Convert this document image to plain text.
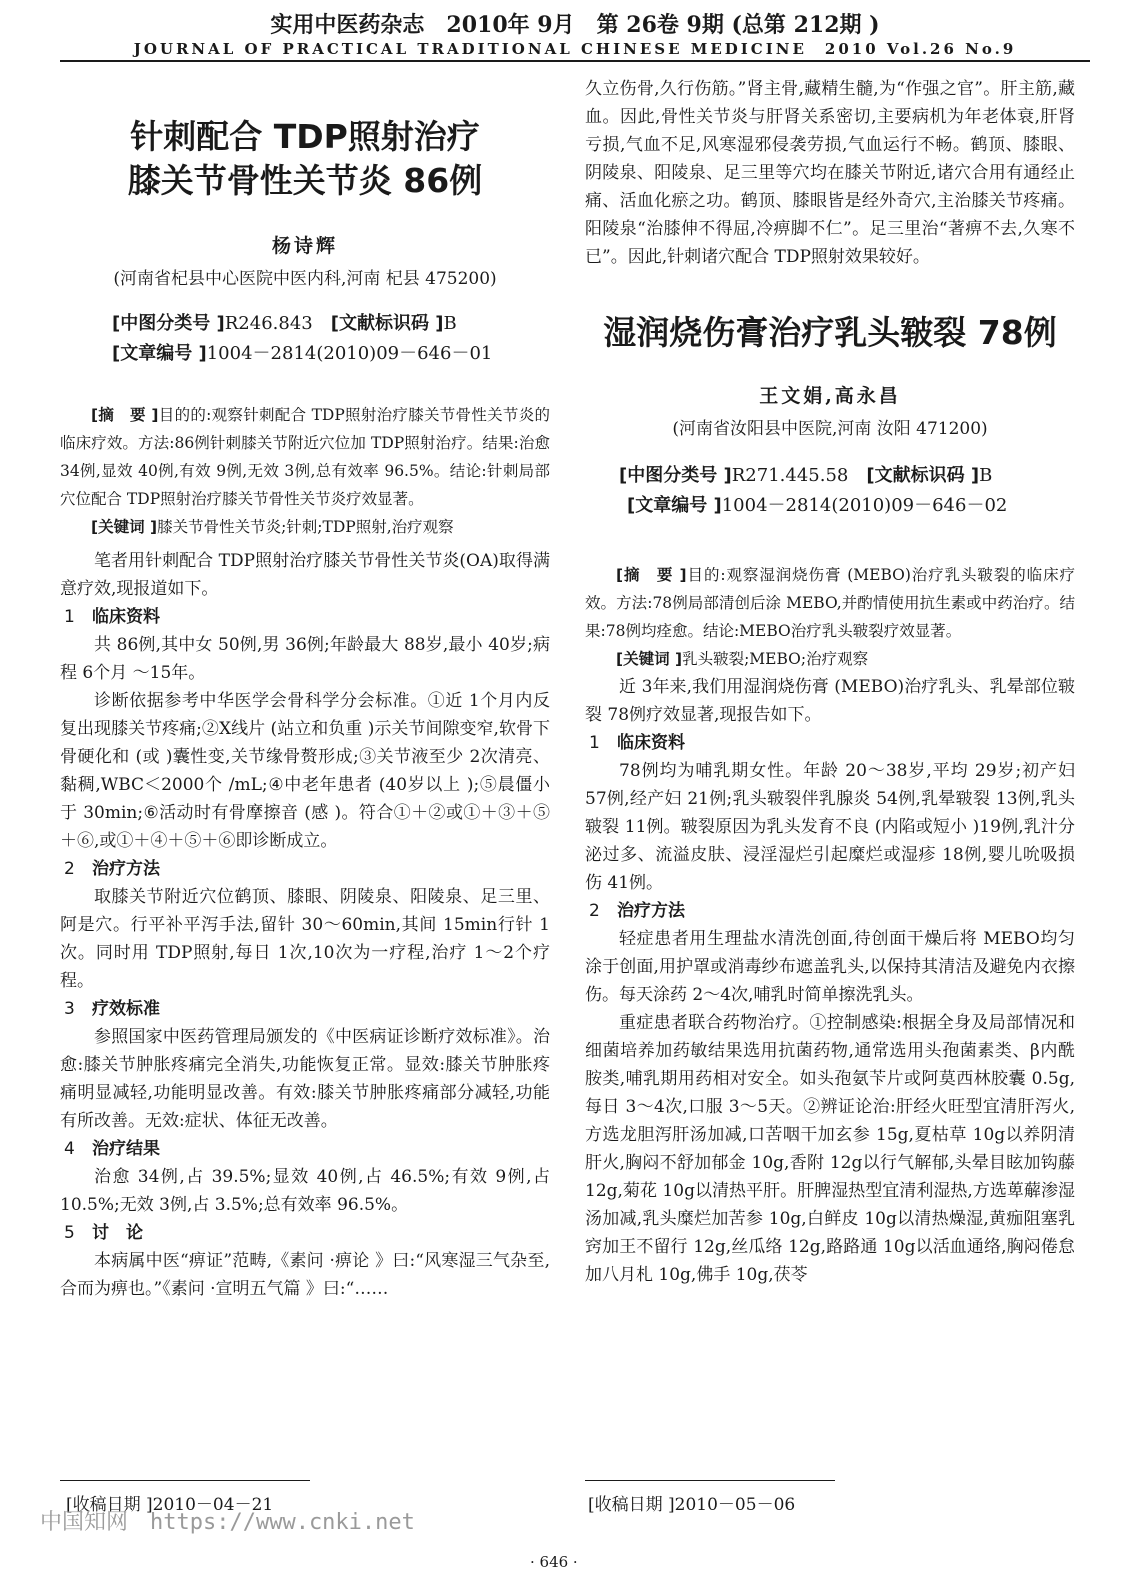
实用中医药杂志　2010年 9月　第 26卷 9期 (总第 212期 )
JOURNAL OF PRACTICAL TRADITIONAL CHINESE MEDICINE　2010 Vol.26 No.9
针刺配合 TDP照射治疗
膝关节骨性关节炎 86例
杨诗辉
(河南省杞县中心医院中医内科,河南 杞县 475200)
[中图分类号 ]R246.843　 [文献标识码 ]B
[文章编号 ]1004－2814(2010)09－646－01
[摘　要 ]目的的:观察针刺配合 TDP照射治疗膝关节骨性关节炎的临床疗效。方法:86例针刺膝关节附近穴位加 TDP照射治疗。结果:治愈 34例,显效 40例,有效 9例,无效 3例,总有效率 96.5%。结论:针刺局部穴位配合 TDP照射治疗膝关节骨性关节炎疗效显著。
[关键词 ]膝关节骨性关节炎;针刺;TDP照射,治疗观察
笔者用针刺配合 TDP照射治疗膝关节骨性关节炎(OA)取得满意疗效,现报道如下。
1 临床资料
共 86例,其中女 50例,男 36例;年龄最大 88岁,最小 40岁;病程 6个月 ～15年。
诊断依据参考中华医学会骨科学分会标准。①近 1个月内反复出现膝关节疼痛;②X线片 (站立和负重 )示关节间隙变窄,软骨下骨硬化和 (或 )囊性变,关节缘骨赘形成;③关节液至少 2次清亮、黏稠,WBC＜2000个 /mL;④中老年患者 (40岁以上 );⑤晨僵小于 30min;⑥活动时有骨摩擦音 (感 )。符合①＋②或①＋③＋⑤＋⑥,或①＋④＋⑤＋⑥即诊断成立。
2 治疗方法
取膝关节附近穴位鹤顶、膝眼、阴陵泉、阳陵泉、足三里、阿是穴。行平补平泻手法,留针 30～60min,其间 15min行针 1次。同时用 TDP照射,每日 1次,10次为一疗程,治疗 1～2个疗程。
3 疗效标准
参照国家中医药管理局颁发的《中医病证诊断疗效标准》。治愈:膝关节肿胀疼痛完全消失,功能恢复正常。显效:膝关节肿胀疼痛明显减轻,功能明显改善。有效:膝关节肿胀疼痛部分减轻,功能有所改善。无效:症状、体征无改善。
4 治疗结果
治愈 34例,占 39.5%;显效 40例,占 46.5%;有效 9例,占 10.5%;无效 3例,占 3.5%;总有效率 96.5%。
5 讨　论
本病属中医“痹证”范畴,《素问 ·痹论 》曰:“风寒湿三气杂至,合而为痹也。”《素问 ·宣明五气篇 》曰:“……
久立伤骨,久行伤筋。”肾主骨,藏精生髓,为“作强之官”。肝主筋,藏血。因此,骨性关节炎与肝肾关系密切,主要病机为年老体衰,肝肾亏损,气血不足,风寒湿邪侵袭劳损,气血运行不畅。鹤顶、膝眼、阴陵泉、阳陵泉、足三里等穴均在膝关节附近,诸穴合用有通经止痛、活血化瘀之功。鹤顶、膝眼皆是经外奇穴,主治膝关节疼痛。阳陵泉“治膝伸不得屈,冷痹脚不仁”。足三里治“著痹不去,久寒不已”。因此,针刺诸穴配合 TDP照射效果较好。
湿润烧伤膏治疗乳头皲裂 78例
王文娟,高永昌
(河南省汝阳县中医院,河南 汝阳 471200)
[中图分类号 ]R271.445.58　 [文献标识码 ]B
[文章编号 ]1004－2814(2010)09－646－02
[摘　要 ]目的:观察湿润烧伤膏 (MEBO)治疗乳头皲裂的临床疗效。方法:78例局部清创后涂 MEBO,并酌情使用抗生素或中药治疗。结果:78例均痊愈。结论:MEBO治疗乳头皲裂疗效显著。
[关键词 ]乳头皲裂;MEBO;治疗观察
近 3年来,我们用湿润烧伤膏 (MEBO)治疗乳头、乳晕部位皲裂 78例疗效显著,现报告如下。
1 临床资料
78例均为哺乳期女性。年龄 20～38岁,平均 29岁;初产妇 57例,经产妇 21例;乳头皲裂伴乳腺炎 54例,乳晕皲裂 13例,乳头皲裂 11例。皲裂原因为乳头发育不良 (内陷或短小 )19例,乳汁分泌过多、流溢皮肤、浸淫湿烂引起糜烂或湿疹 18例,婴儿吮吸损伤 41例。
2 治疗方法
轻症患者用生理盐水清洗创面,待创面干燥后将 MEBO均匀涂于创面,用护罩或消毒纱布遮盖乳头,以保持其清洁及避免内衣擦伤。每天涂药 2～4次,哺乳时简单擦洗乳头。
重症患者联合药物治疗。①控制感染:根据全身及局部情况和细菌培养加药敏结果选用抗菌药物,通常选用头孢菌素类、β内酰胺类,哺乳期用药相对安全。如头孢氨苄片或阿莫西林胶囊 0.5g,每日 3～4次,口服 3～5天。②辨证论治:肝经火旺型宜清肝泻火,方选龙胆泻肝汤加减,口苦咽干加玄参 15g,夏枯草 10g以养阴清肝火,胸闷不舒加郁金 10g,香附 12g以行气解郁,头晕目眩加钩藤 12g,菊花 10g以清热平肝。肝脾湿热型宜清利湿热,方选萆薢渗湿汤加减,乳头糜烂加苦参 10g,白鲜皮 10g以清热燥湿,黄痂阻塞乳窍加王不留行 12g,丝瓜络 12g,路路通 10g以活血通络,胸闷倦怠加八月札 10g,佛手 10g,茯苓
[收稿日期 ]2010－04－21	[收稿日期 ]2010－05－06
中国知网　https://www.cnki.net
· 646 ·
